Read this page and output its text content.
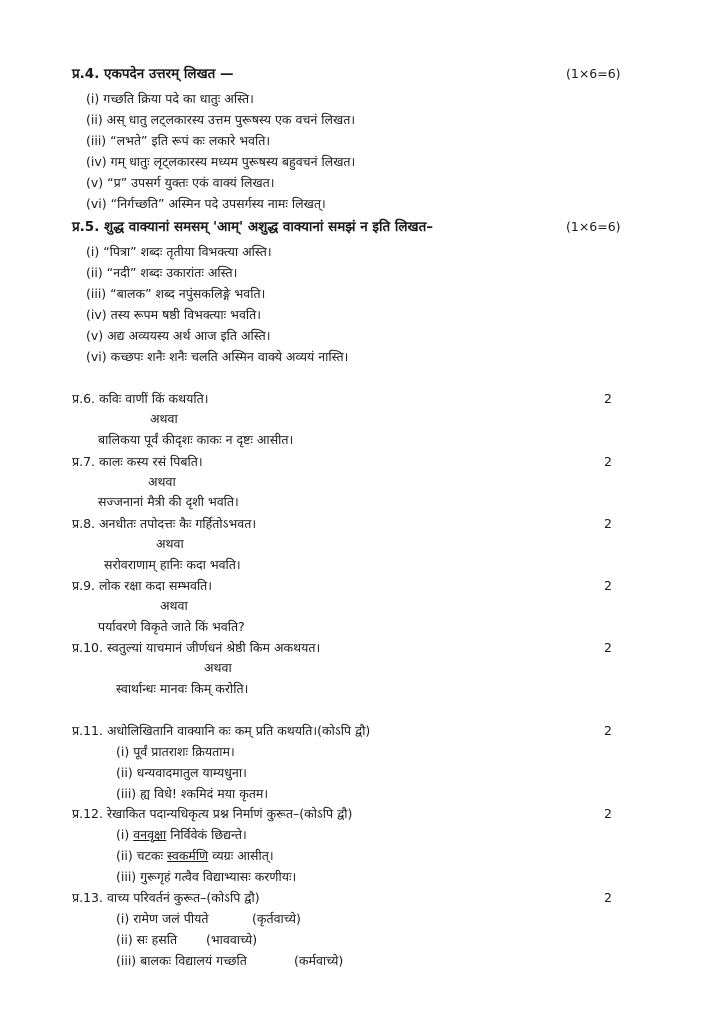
प्र.4. एकपदेन उत्तरम् लिखत —	(1×6=6)
(i) गच्छति क्रिया पदे का धातुः अस्ति।
(ii) अस् धातु लट्लकारस्य उत्तम पुरूषस्य एक वचनं लिखत।
(iii) “लभते” इति रूपं कः लकारे भवति।
(iv) गम् धातुः लृट्लकारस्य मध्यम पुरूषस्य बहुवचनं लिखत।
(v) “प्र” उपसर्ग युक्तः एकं वाक्यं लिखत।
(vi) “निर्गच्छति” अस्मिन पदे उपसर्गस्य नामः लिखत्।
प्र.5. शुद्ध वाक्यानां समसम् 'आम्' अशुद्ध वाक्यानां समझं न इति लिखत–	(1×6=6)
(i) “पित्रा” शब्दः तृतीया विभक्त्या अस्ति।
(ii) “नदी” शब्दः उकारांतः अस्ति।
(iii) “बालक” शब्द नपुंसकलिङ्गे भवति।
(iv) तस्य रूपम षष्ठी विभक्त्याः भवति।
(v) अद्य अव्ययस्य अर्थ आज इति अस्ति।
(vi) कच्छपः शनैः शनैः चलति अस्मिन वाक्ये अव्ययं नास्ति।
प्र.6. कविः वाणीं किं कथयति।	2
अथवा
बालिकया पूर्वं कीदृशः काकः न दृष्टः आसीत।
प्र.7. कालः कस्य रसं पिबति।	2
अथवा
सज्जनानां मैत्री की दृशी भवति।
प्र.8. अनधीतः तपोदत्तः कैः गर्हितोऽभवत।	2
अथवा
सरोवराणाम् हानिः कदा भवति।
प्र.9. लोक रक्षा कदा सम्भवति।	2
अथवा
पर्यावरणे विकृते जाते किं भवति?
प्र.10. स्वतुल्यां याचमानं जीर्णधनं श्रेष्ठी किम अकथयत।	2
अथवा
स्वार्थान्धः मानवः किम् करोति।
प्र.11. अधोलिखितानि वाक्यानि कः कम् प्रति कथयति।(कोऽपि द्वौ)	2
(i) पूर्वं प्रातराशः क्रियताम।
(ii) धन्यवादमातुल याम्यधुना।
(iii) ह्य विधे! श्कमिदं मया कृतम।
प्र.12. रेखाकित पदान्यधिकृत्य प्रश्न निर्माणं कुरूत–(कोऽपि द्वौ)	2
(i) वनवृक्षा निर्विवेकं छिद्यन्ते।
(ii) चटकः स्वकर्मणि व्यग्रः आसीत्।
(iii) गुरूगृहं गत्वैव विद्याभ्यासः करणीयः।
प्र.13. वाच्य परिवर्तनं कुरूत–(कोऽपि द्वौ)	2
(i) रामेण जलं पीयते	(कृर्तवाच्ये)
(ii) सः हसति (भाववाच्ये)
(iii) बालकः विद्यालयं गच्छति	(कर्मवाच्ये)
